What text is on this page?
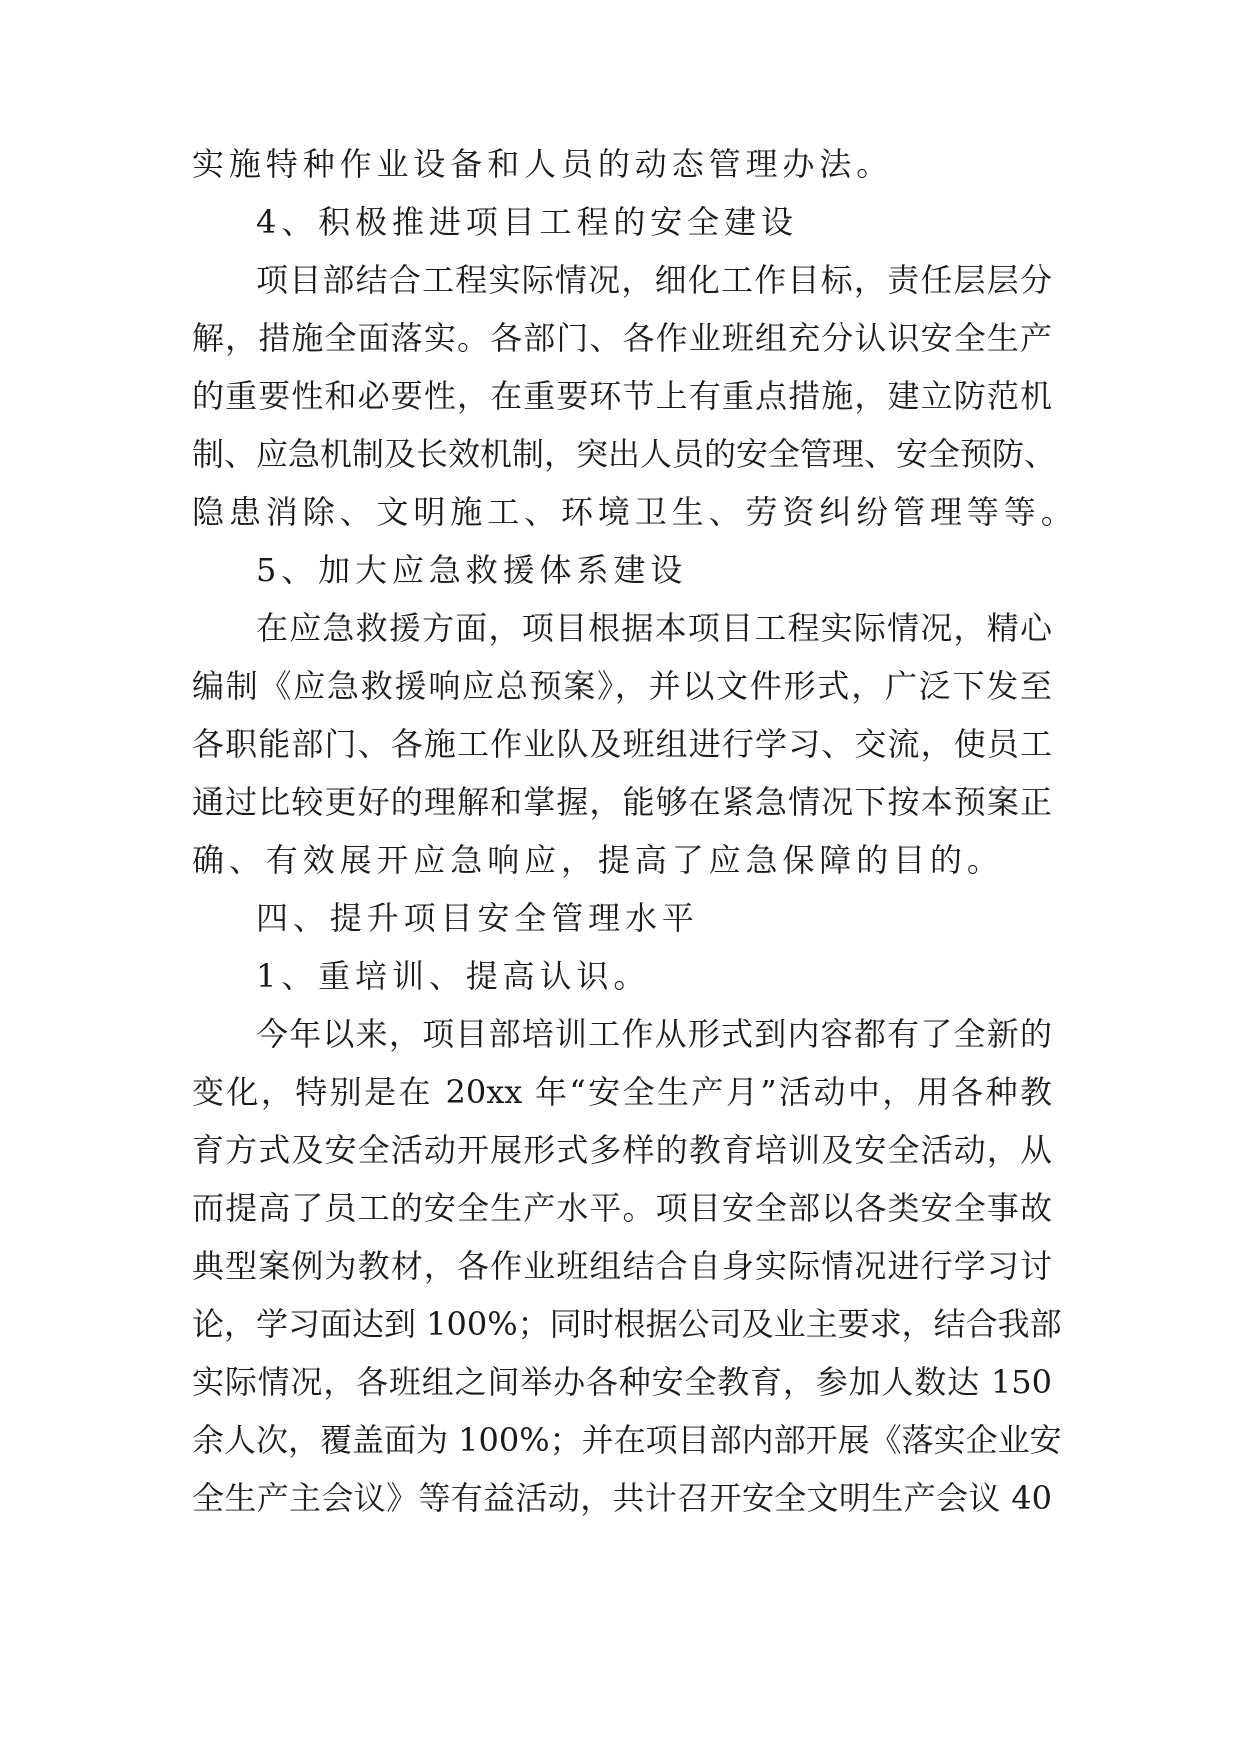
实施特种作业设备和人员的动态管理办法。

4、积极推进项目工程的安全建设

项目部结合工程实际情况，细化工作目标，责任层层分

解，措施全面落实。各部门、各作业班组充分认识安全生产

的重要性和必要性，在重要环节上有重点措施，建立防范机

制、应急机制及长效机制，突出人员的安全管理、安全预防、

隐患消除、文明施工、环境卫生、劳资纠纷管理等等。

5、加大应急救援体系建设

在应急救援方面，项目根据本项目工程实际情况，精心

编制《应急救援响应总预案》，并以文件形式，广泛下发至

各职能部门、各施工作业队及班组进行学习、交流，使员工

通过比较更好的理解和掌握，能够在紧急情况下按本预案正

确、有效展开应急响应，提高了应急保障的目的。

四、提升项目安全管理水平

1、重培训、提高认识。

今年以来，项目部培训工作从形式到内容都有了全新的

变化，特别是在 20xx 年“安全生产月”活动中，用各种教

育方式及安全活动开展形式多样的教育培训及安全活动，从

而提高了员工的安全生产水平。项目安全部以各类安全事故

典型案例为教材，各作业班组结合自身实际情况进行学习讨

论，学习面达到 100%；同时根据公司及业主要求，结合我部

实际情况，各班组之间举办各种安全教育，参加人数达 150

余人次，覆盖面为 100%；并在项目部内部开展《落实企业安

全生产主会议》等有益活动，共计召开安全文明生产会议 40
